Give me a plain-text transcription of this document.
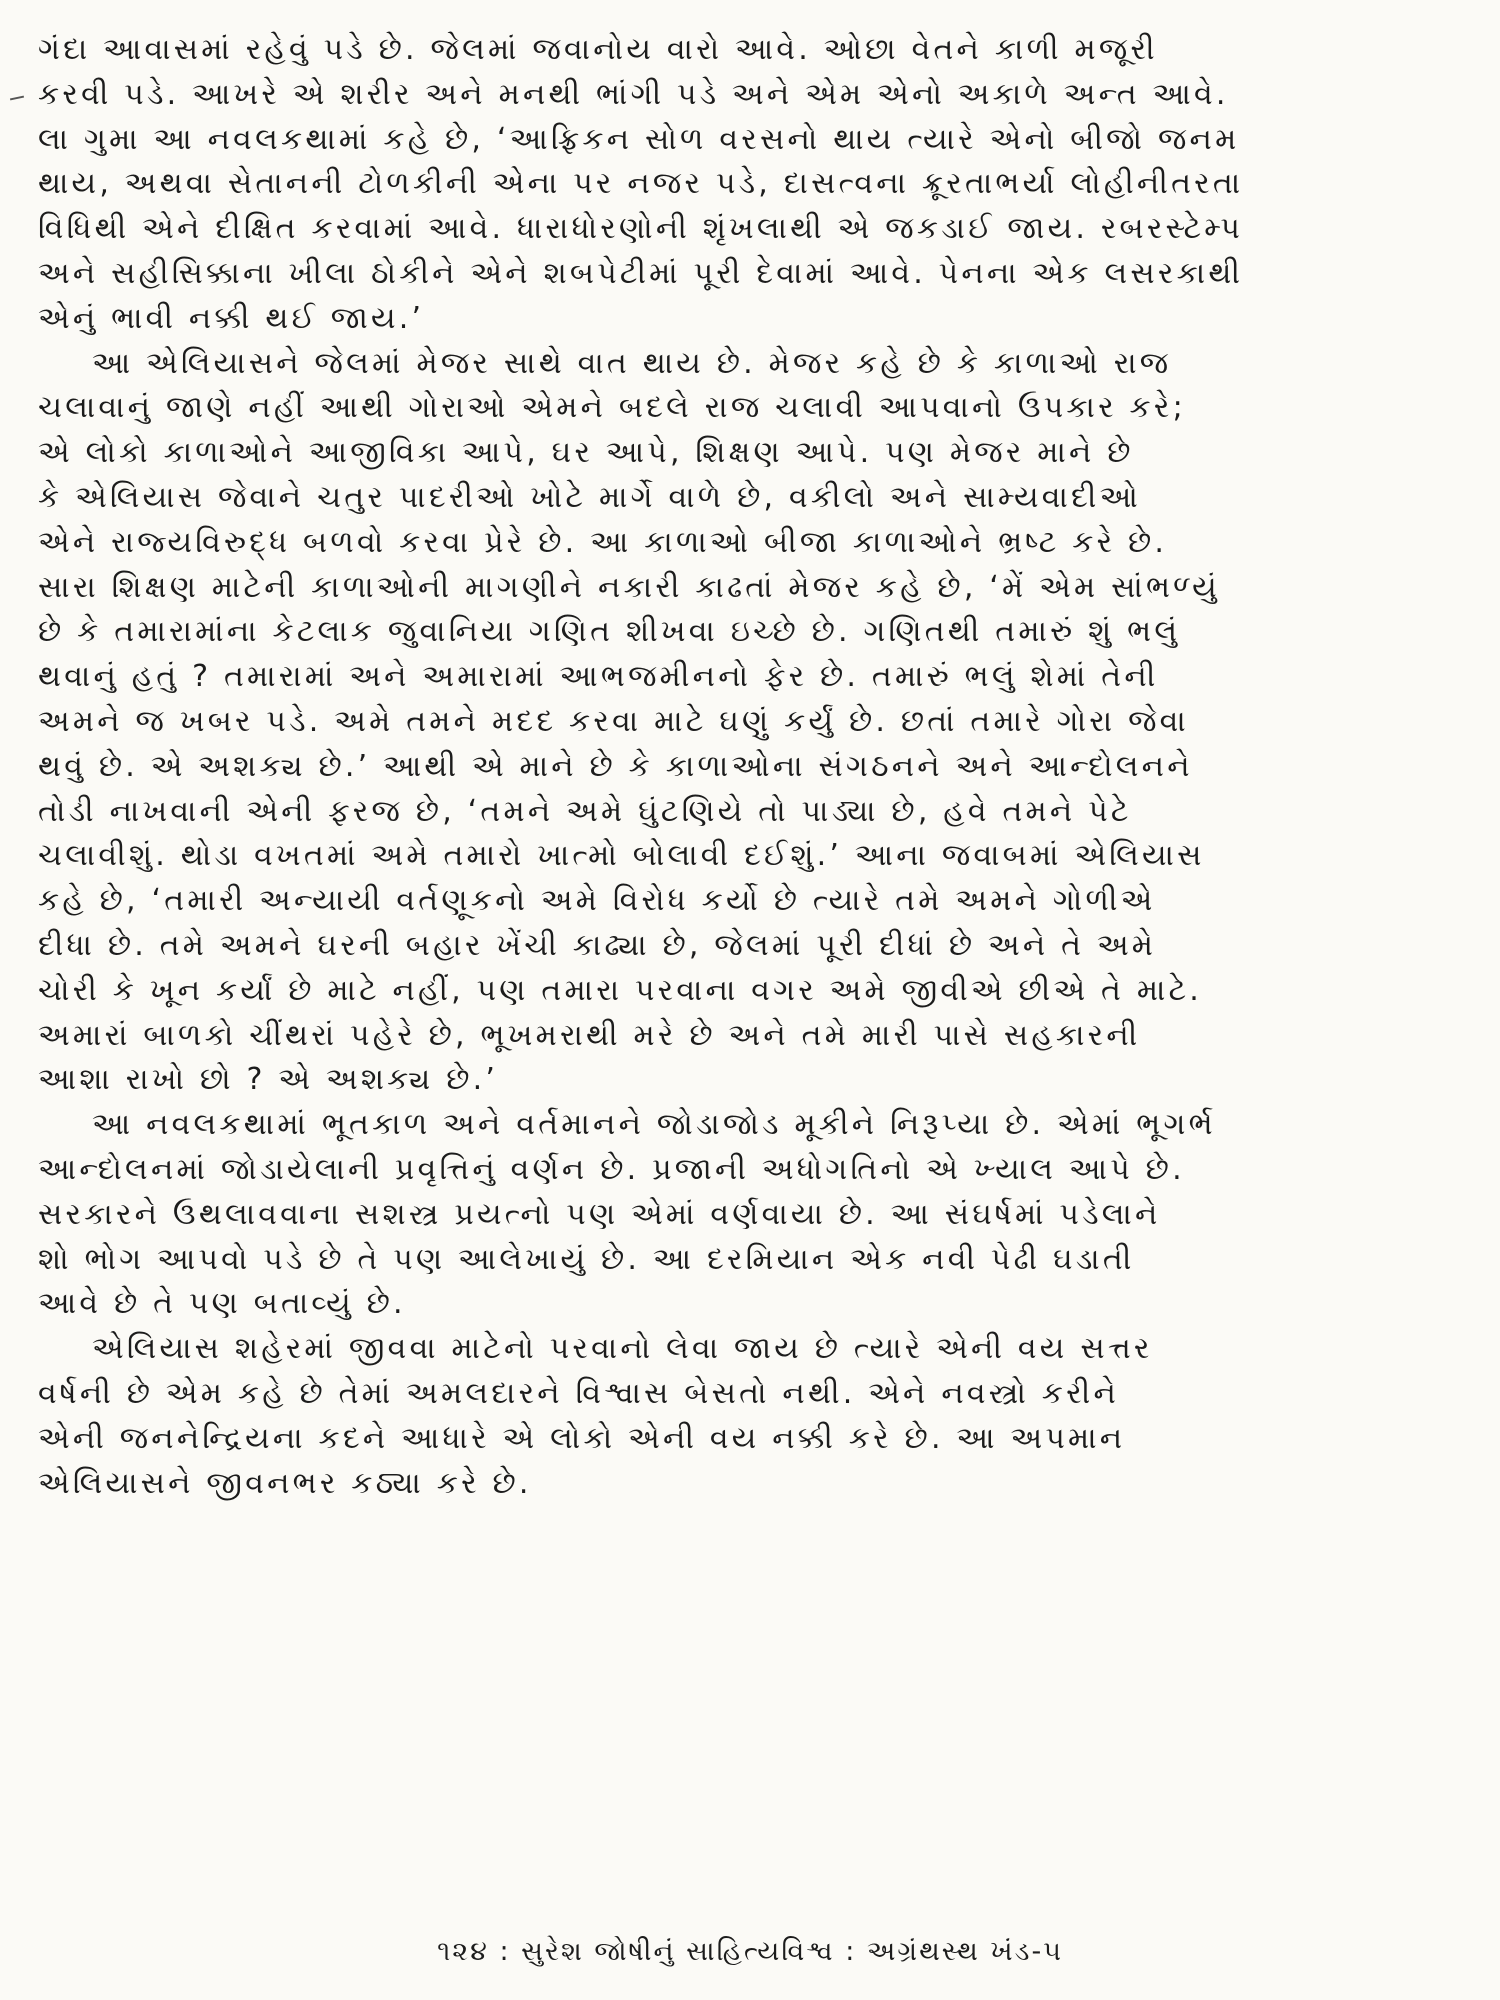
ગંદા આવાસમાં રહેવું પડે છે. જેલમાં જવાનોય વારો આવે. ઓછા વેતને કાળી મજૂરી
કરવી પડે. આખરે એ શરીર અને મનથી ભાંગી પડે અને એમ એનો અકાળે અન્ત આવે.
લા ગુમા આ નવલકથામાં કહે છે, ‘આફ્રિકન સોળ વરસનો થાય ત્યારે એનો બીજો જનમ
થાય, અથવા સેતાનની ટોળકીની એના પર નજર પડે, દાસત્વના ક્રૂરતાભર્યા લોહીનીતરતા
વિધિથી એને દીક્ષિત કરવામાં આવે. ધારાધોરણોની શૃંખલાથી એ જકડાઈ જાય. રબરસ્ટેમ્પ
અને સહીસિક્કાના ખીલા ઠોકીને એને શબપેટીમાં પૂરી દેવામાં આવે. પેનના એક લસરકાથી
એનું ભાવી નક્કી થઈ જાય.’
આ એલિયાસને જેલમાં મેજર સાથે વાત થાય છે. મેજર કહે છે કે કાળાઓ રાજ
ચલાવાનું જાણે નહીં આથી ગોરાઓ એમને બદલે રાજ ચલાવી આપવાનો ઉપકાર કરે;
એ લોકો કાળાઓને આજીવિકા આપે, ઘર આપે, શિક્ષણ આપે. પણ મેજર માને છે
કે એલિયાસ જેવાને ચતુર પાદરીઓ ખોટે માર્ગે વાળે છે, વકીલો અને સામ્યવાદીઓ
એને રાજ્યવિરુદ્ધ બળવો કરવા પ્રેરે છે. આ કાળાઓ બીજા કાળાઓને ભ્રષ્ટ કરે છે.
સારા શિક્ષણ માટેની કાળાઓની માગણીને નકારી કાઢતાં મેજર કહે છે, ‘મેં એમ સાંભળ્યું
છે કે તમારામાંના કેટલાક જુવાનિયા ગણિત શીખવા ઇચ્છે છે. ગણિતથી તમારું શું ભલું
થવાનું હતું ? તમારામાં અને અમારામાં આભજમીનનો ફેર છે. તમારું ભલું શેમાં તેની
અમને જ ખબર પડે. અમે તમને મદદ કરવા માટે ઘણું કર્યું છે. છતાં તમારે ગોરા જેવા
થવું છે. એ અશક્ય છે.’ આથી એ માને છે કે કાળાઓના સંગઠનને અને આન્દોલનને
તોડી નાખવાની એની ફરજ છે, ‘તમને અમે ઘુંટણિયે તો પાડ્યા છે, હવે તમને પેટે
ચલાવીશું. થોડા વખતમાં અમે તમારો ખાત્મો બોલાવી દઈશું.’ આના જવાબમાં એલિયાસ
કહે છે, ‘તમારી અન્યાયી વર્તણૂકનો અમે વિરોધ કર્યો છે ત્યારે તમે અમને ગોળીએ
દીધા છે. તમે અમને ઘરની બહાર ખેંચી કાઢ્યા છે, જેલમાં પૂરી દીધાં છે અને તે અમે
ચોરી કે ખૂન કર્યાં છે માટે નહીં, પણ તમારા પરવાના વગર અમે જીવીએ છીએ તે માટે.
અમારાં બાળકો ચીંથરાં પહેરે છે, ભૂખમરાથી મરે છે અને તમે મારી પાસે સહકારની
આશા રાખો છો ? એ અશક્ય છે.’
આ નવલકથામાં ભૂતકાળ અને વર્તમાનને જોડાજોડ મૂકીને નિરૂપ્યા છે. એમાં ભૂગર્ભ
આન્દોલનમાં જોડાયેલાની પ્રવૃત્તિનું વર્ણન છે. પ્રજાની અધોગતિનો એ ખ્યાલ આપે છે.
સરકારને ઉથલાવવાના સશસ્ત્ર પ્રયત્નો પણ એમાં વર્ણવાયા છે. આ સંઘર્ષમાં પડેલાને
શો ભોગ આપવો પડે છે તે પણ આલેખાયું છે. આ દરમિયાન એક નવી પેઢી ઘડાતી
આવે છે તે પણ બતાવ્યું છે.
એલિયાસ શહેરમાં જીવવા માટેનો પરવાનો લેવા જાય છે ત્યારે એની વય સત્તર
વર્ષની છે એમ કહે છે તેમાં અમલદારને વિશ્વાસ બેસતો નથી. એને નવસ્ત્રો કરીને
એની જનનેન્દ્રિયના કદને આધારે એ લોકો એની વય નક્કી કરે છે. આ અપમાન
એલિયાસને જીવનભર કઠ્યા કરે છે.
૧૨૪ : સુરેશ જોષીનું સાહિત્યવિશ્વ : અગ્રંથસ્થ ખંડ-૫
